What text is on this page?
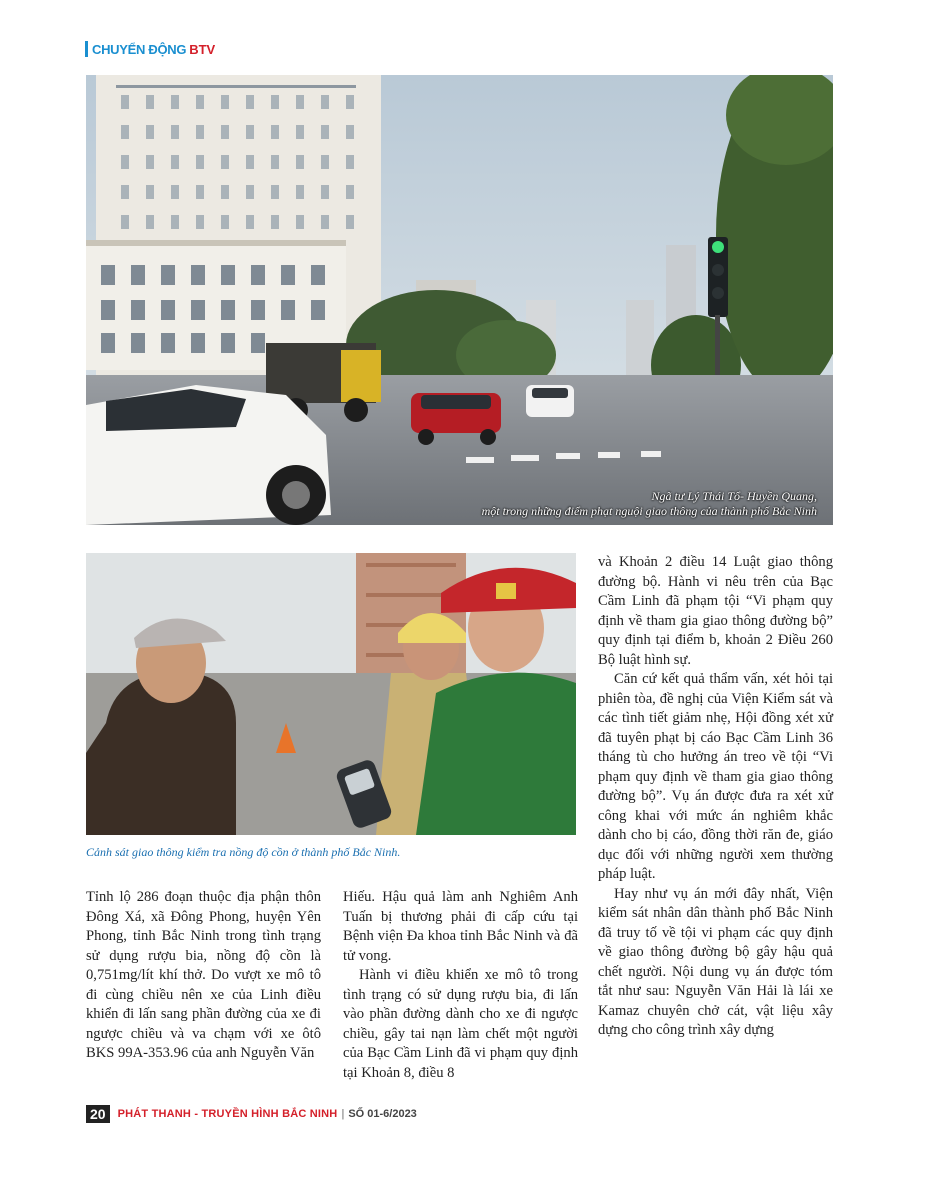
CHUYỂN ĐỘNG BTV
Ngã tư Lý Thái Tổ- Huyền Quang,
một trong những điểm phạt nguội giao thông của thành phố Bắc Ninh
Cảnh sát giao thông kiểm tra nồng độ cồn ở thành phố Bắc Ninh.

Tỉnh lộ 286 đoạn thuộc địa phận thôn Đông Xá, xã Đông Phong, huyện Yên Phong, tỉnh Bắc Ninh trong tình trạng sử dụng rượu bia, nồng độ cồn là 0,751mg/lít khí thở. Do vượt xe mô tô đi cùng chiều nên xe của Linh điều khiển đi lấn sang phần đường của xe đi ngược chiều và va chạm với xe ôtô BKS 99A-353.96 của anh Nguyễn Văn

Hiếu. Hậu quả làm anh Nghiêm Anh Tuấn bị thương phải đi cấp cứu tại Bệnh viện Đa khoa tỉnh Bắc Ninh và đã tử vong.

Hành vi điều khiển xe mô tô trong tình trạng có sử dụng rượu bia, đi lấn vào phần đường dành cho xe đi ngược chiều, gây tai nạn làm chết một người của Bạc Cầm Linh đã vi phạm quy định tại Khoản 8, điều 8

và Khoản 2 điều 14 Luật giao thông đường bộ. Hành vi nêu trên của Bạc Cầm Linh đã phạm tội “Vi phạm quy định về tham gia giao thông đường bộ” quy định tại điểm b, khoản 2 Điều 260 Bộ luật hình sự.

Căn cứ kết quả thẩm vấn, xét hỏi tại phiên tòa, đề nghị của Viện Kiểm sát và các tình tiết giảm nhẹ, Hội đồng xét xử đã tuyên phạt bị cáo Bạc Cầm Linh 36 tháng tù cho hưởng án treo về tội “Vi phạm quy định về tham gia giao thông đường bộ”. Vụ án được đưa ra xét xử công khai với mức án nghiêm khắc dành cho bị cáo, đồng thời răn đe, giáo dục đối với những người xem thường pháp luật.

Hay như vụ án mới đây nhất, Viện kiểm sát nhân dân thành phố Bắc Ninh đã truy tố về tội vi phạm các quy định về giao thông đường bộ gây hậu quả chết người. Nội dung vụ án được tóm tắt như sau: Nguyễn Văn Hải là lái xe Kamaz chuyên chở cát, vật liệu xây dựng cho công trình xây dựng

20	PHÁT THANH - TRUYỀN HÌNH BẮC NINH | SỐ 01-6/2023
